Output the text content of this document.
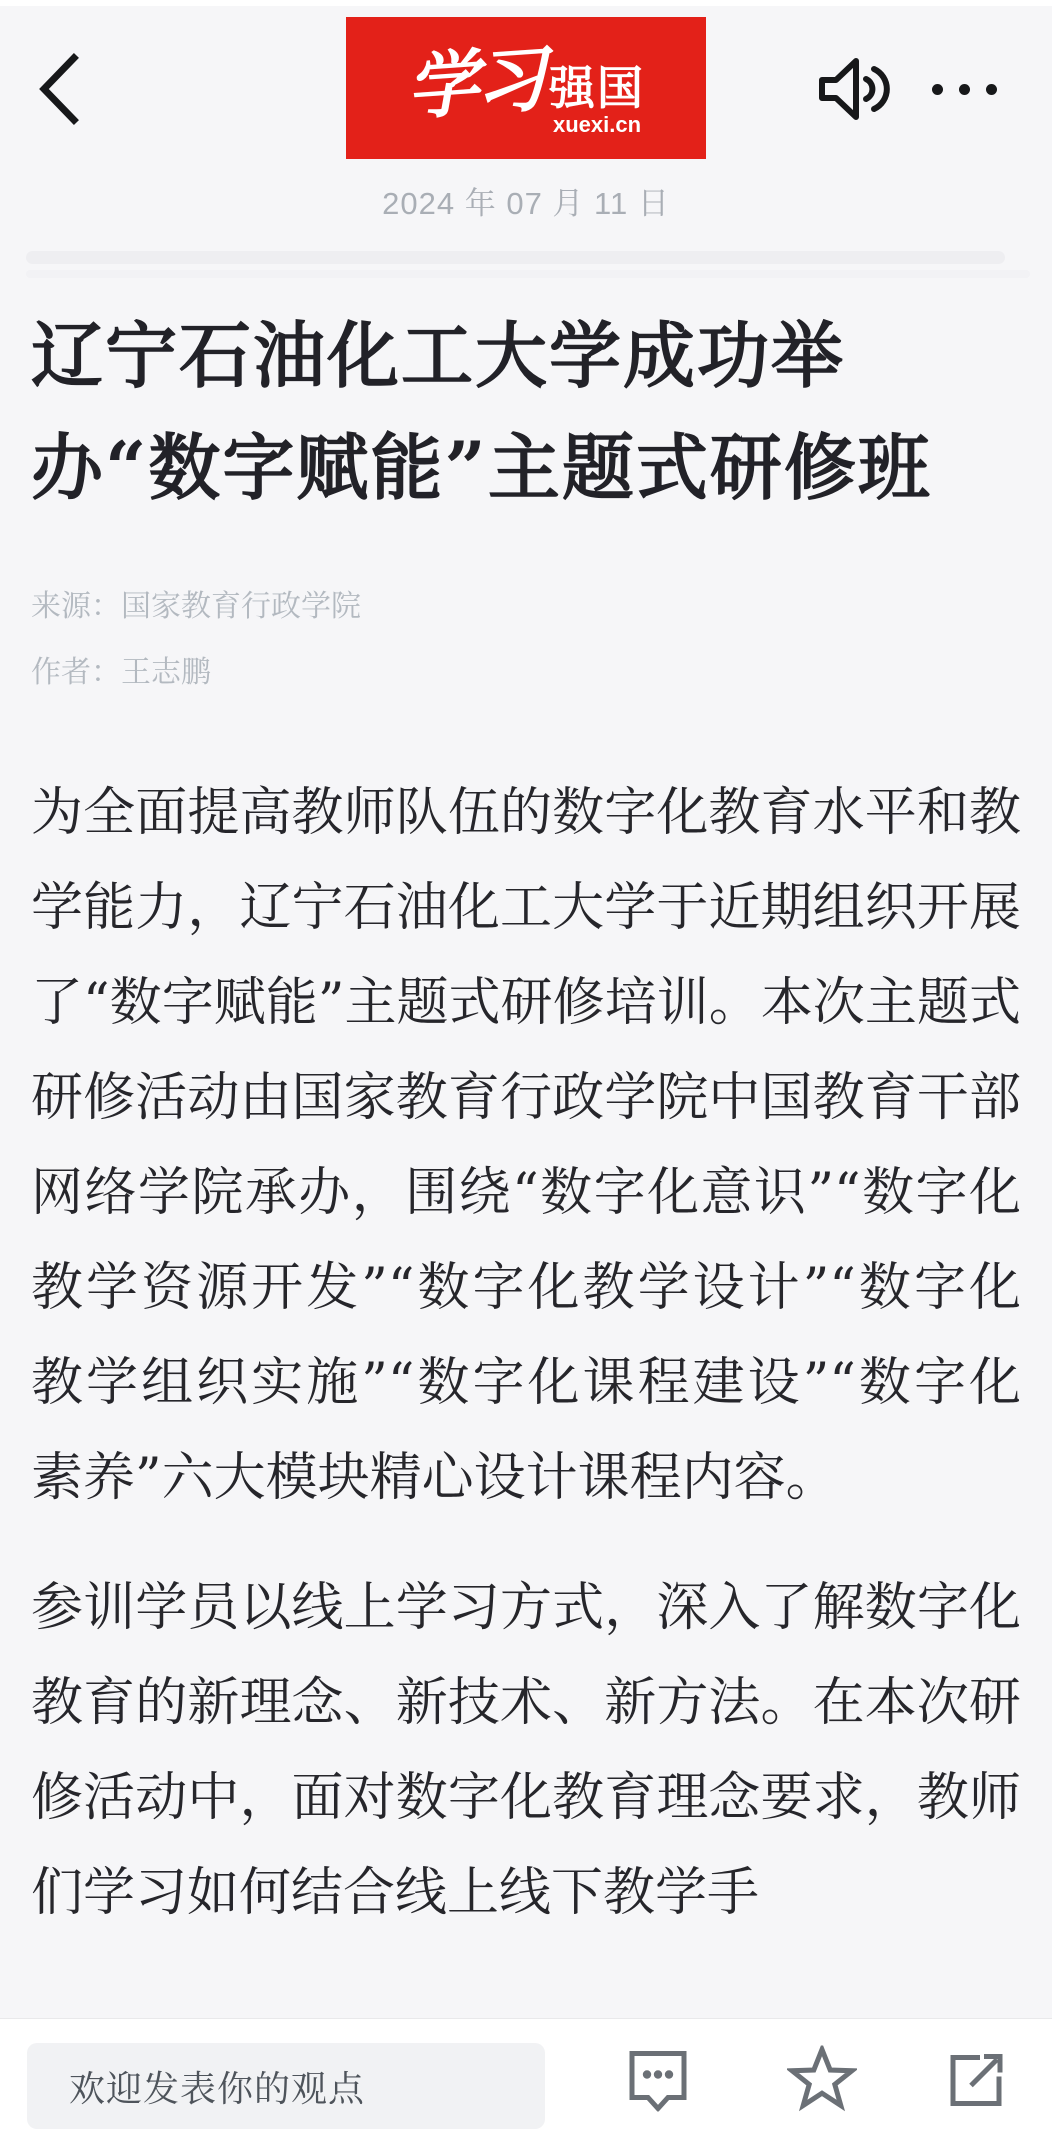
学习 强国
xuexi.cn
2024 年 07 月 11 日
辽宁石油化工大学成功举
办“数字赋能”主题式研修班
来源：国家教育行政学院
作者：王志鹏

为全面提高教师队伍的数字化教育水平和教学能力，辽宁石油化工大学于近期组织开展了“数字赋能”主题式研修培训。本次主题式研修活动由国家教育行政学院中国教育干部网络学院承办，围绕“数字化意识”“数字化教学资源开发”“数字化教学设计”“数字化教学组织实施”“数字化课程建设”“数字化素养”六大模块精心设计课程内容。

参训学员以线上学习方式，深入了解数字化教育的新理念、新技术、新方法。在本次研修活动中，面对数字化教育理念要求，教师们学习如何结合线上线下教学手

欢迎发表你的观点
